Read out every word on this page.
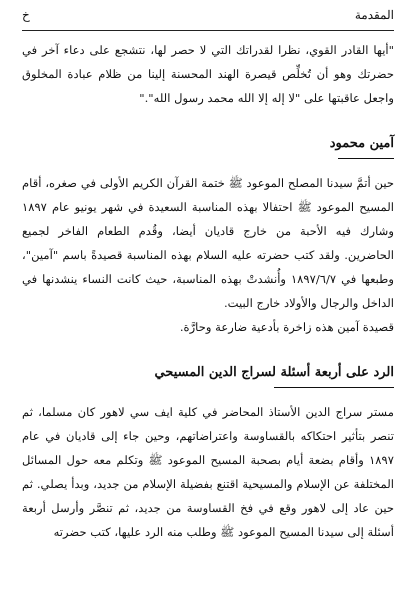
المقدمة
خ

"أيها القادر القوي، نظرا لقدراتك التي لا حصر لها، نتشجع على دعاء آخر في حضرتك وهو أن تُخلِّص قيصرة الهند المحسنة إلينا من ظلام عبادة المخلوق واجعل عاقبتها على "لا إله إلا الله محمد رسول الله"."

آمين محمود

حين أتمَّ سيدنا المصلح الموعود ﷺ ختمة القرآن الكريم الأولى في صغره، أقام المسيح الموعود ﷺ احتفالا بهذه المناسبة السعيدة في شهر يونيو عام ١٨٩٧ وشارك فيه الأحبة من خارج قاديان أيضا، وقُدم الطعام الفاخر لجميع الحاضرين. ولقد كتب حضرته عليه السلام بهذه المناسبة قصيدةً باسم "آمين"، وطبعها في ١٨٩٧/٦/٧ وأُنشدتْ بهذه المناسبة، حيث كانت النساء ينشدنها في الداخل والرجال والأولاد خارج البيت.

قصيدة آمين هذه زاخرة بأدعية ضارعة وحارَّة.

الرد على أربعة أسئلة لسراج الدين المسيحي

مستر سراج الدين الأستاذ المحاضر في كلية ايف سي لاهور كان مسلما، ثم تنصر بتأثير احتكاكه بالقساوسة واعتراضاتهم، وحين جاء إلى قاديان في عام ١٨٩٧ وأقام بضعة أيام بصحبة المسيح الموعود ﷺ وتكلم معه حول المسائل المختلفة عن الإسلام والمسيحية اقتنع بفضيلة الإسلام من جديد، وبدأ يصلي. ثم حين عاد إلى لاهور وقع في فخ القساوسة من جديد، ثم تنصَّر وأرسل أربعة أسئلة إلى سيدنا المسيح الموعود ﷺ وطلب منه الرد عليها، كتب حضرته
